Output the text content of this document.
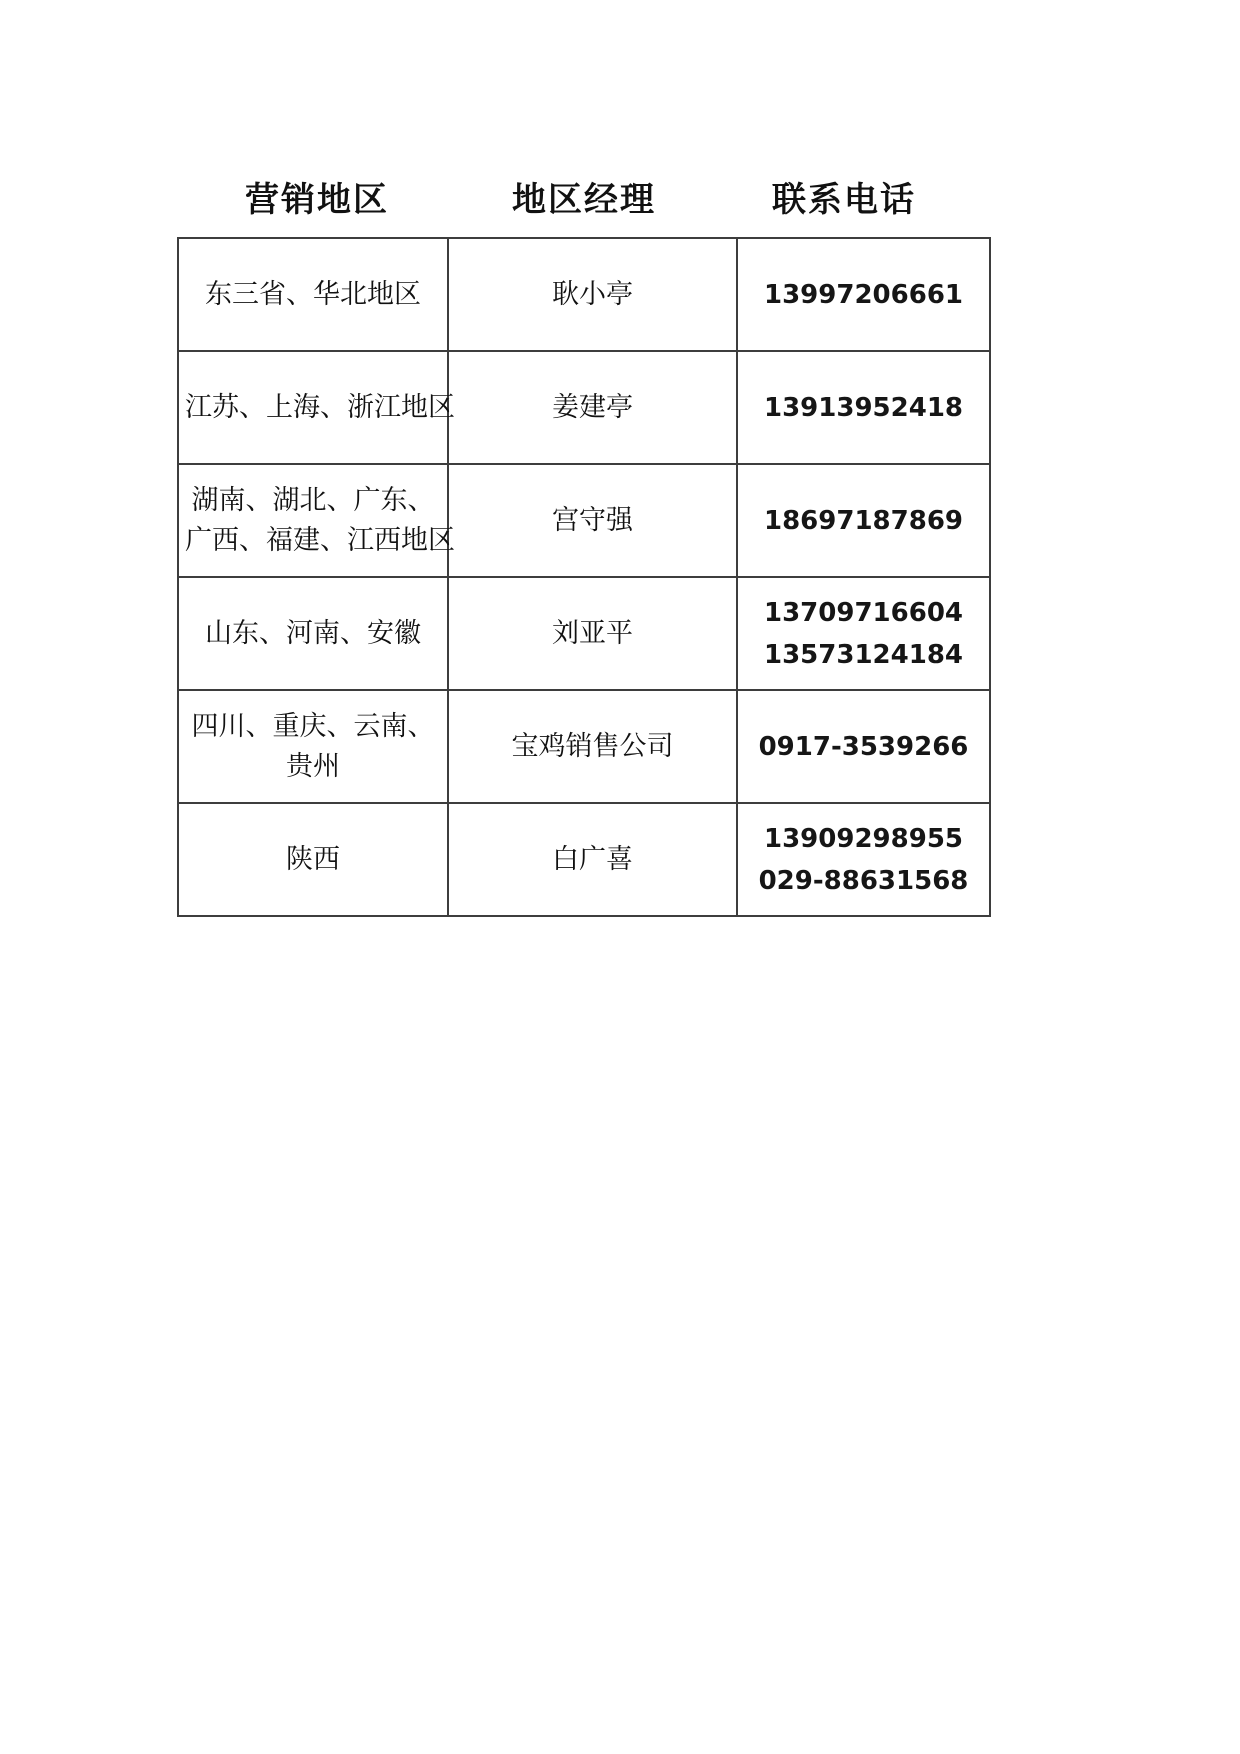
营销地区	地区经理	联系电话
东三省、华北地区	耿小亭	13997206661

江苏、上海、浙江地区	姜建亭	13913952418

湖南、湖北、广东、
广西、福建、江西地区	宫守强	18697187869

山东、河南、安徽	刘亚平	13709716604
13573124184

四川、重庆、云南、
贵州	宝鸡销售公司	0917-3539266

陕西	白广喜	13909298955
029-88631568
